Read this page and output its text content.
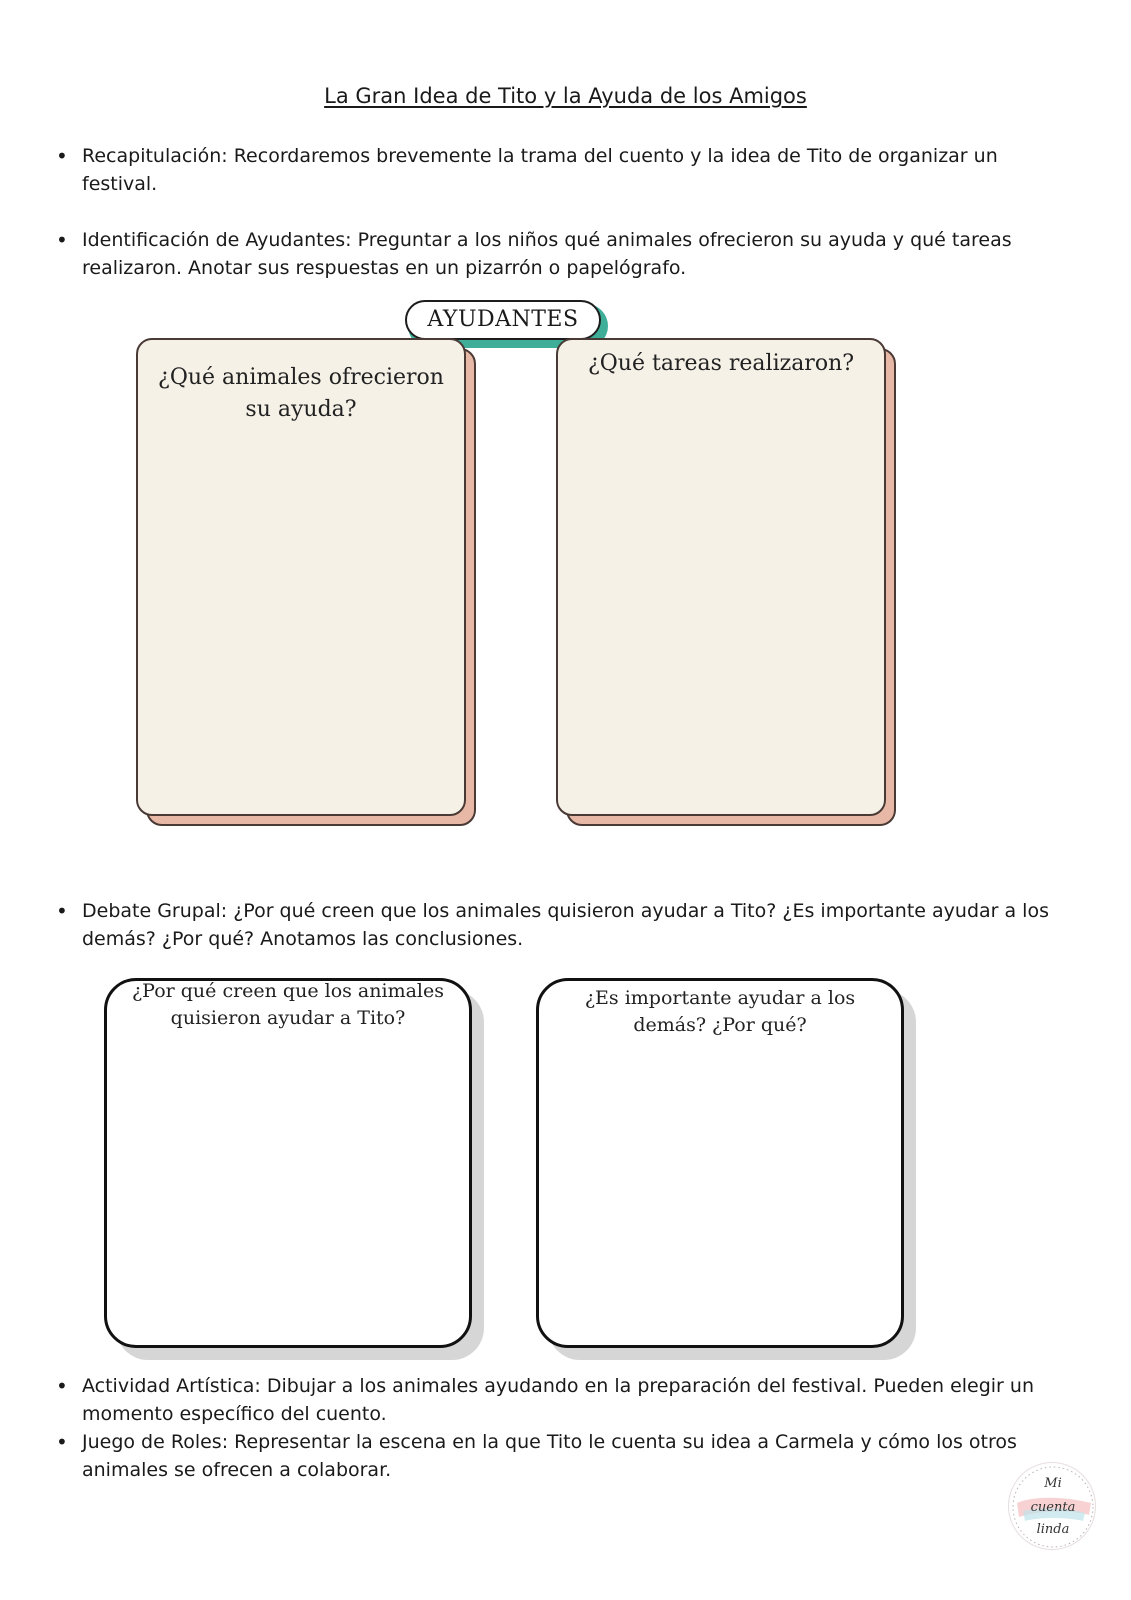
La Gran Idea de Tito y la Ayuda de los Amigos
• Recapitulación: Recordaremos brevemente la trama del cuento y la idea de Tito de organizar un festival.
• Identificación de Ayudantes: Preguntar a los niños qué animales ofrecieron su ayuda y qué tareas realizaron. Anotar sus respuestas en un pizarrón o papelógrafo.
AYUDANTES
¿Qué animales ofrecieron su ayuda?
¿Qué tareas realizaron?
• Debate Grupal: ¿Por qué creen que los animales quisieron ayudar a Tito? ¿Es importante ayudar a los demás? ¿Por qué? Anotamos las conclusiones.
¿Por qué creen que los animales quisieron ayudar a Tito?
¿Es importante ayudar a los demás? ¿Por qué?
• Actividad Artística: Dibujar a los animales ayudando en la preparación del festival. Pueden elegir un momento específico del cuento.
• Juego de Roles: Representar la escena en la que Tito le cuenta su idea a Carmela y cómo los otros animales se ofrecen a colaborar.
Mi
cuenta
linda
